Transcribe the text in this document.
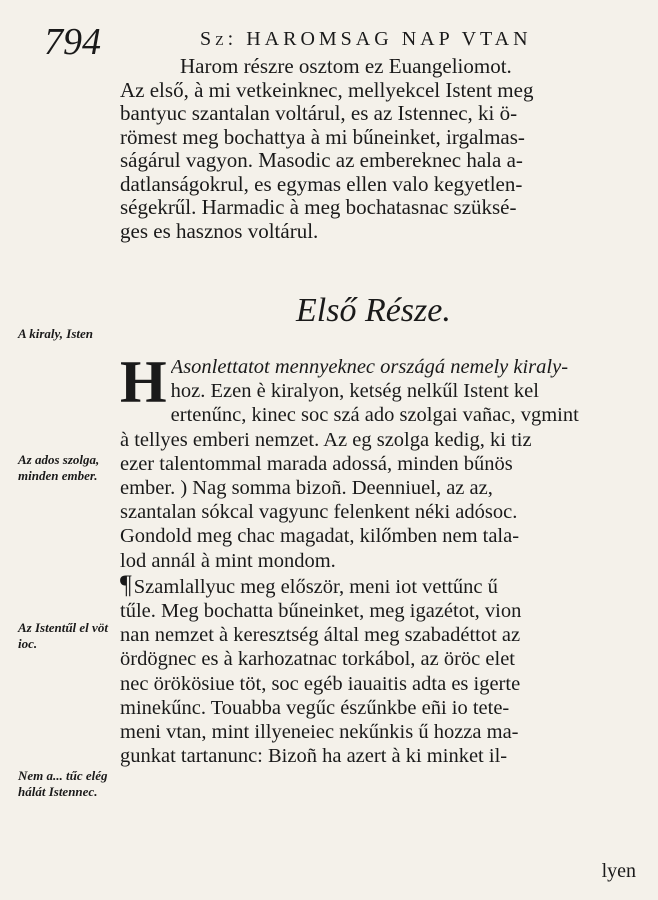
794	Sz: HAROMSAG NAP VTAN
Harom részre osztom ez Euangeliomot.
Az első, à mi vetkeinknec, mellyekcel Istent meg
bantyuc szantalan voltárul, es az Istennec, ki ö-
römest meg bochattya à mi bűneinket, irgalmas-
ságárul vagyon. Masodic az embereknec hala a-
datlanságokrul, es egymas ellen valo kegyetlen-
ségekrűl. Harmadic à meg bochatasnac szüksé-
ges es hasznos voltárul.
Első Része.
A kiraly, Isten
Az ados szolga, minden ember.
Az Istentűl el vöt ioc.
Nem a... tűc elég hálát Istennec.
H Asonlettatot mennyeknec országá nemely kiraly-
hoz. Ezen è kiralyon, ketség nelkűl Istent kel
ertenűnc, kinec soc szá ado szolgai vañac, vgmint
à tellyes emberi nemzet. Az eg szolga kedig, ki tiz
ezer talentommal marada adossá, minden bűnös
ember. ) Nag somma bizoñ. Deenniuel, az az,
szantalan sókcal vagyunc felenkent néki adósoc.
Gondold meg chac magadat, kilőmben nem tala-
lod annál à mint mondom.
¶Szamlallyuc meg először, meni iot vettűnc ű
tűle. Meg bochatta bűneinket, meg igazétot, vion
nan nemzet à keresztség által meg szabadéttot az
ördögnec es à karhozatnac torkábol, az öröc elet
nec örökösiue töt, soc egéb iauaitis adta es igerte
minekűnc. Touabba vegűc észűnkbe eñi io tete-
meni vtan, mint illyeneiec nekűnkis ű hozza ma-
gunkat tartanunc: Bizoñ ha azert à ki minket il-
lyen
